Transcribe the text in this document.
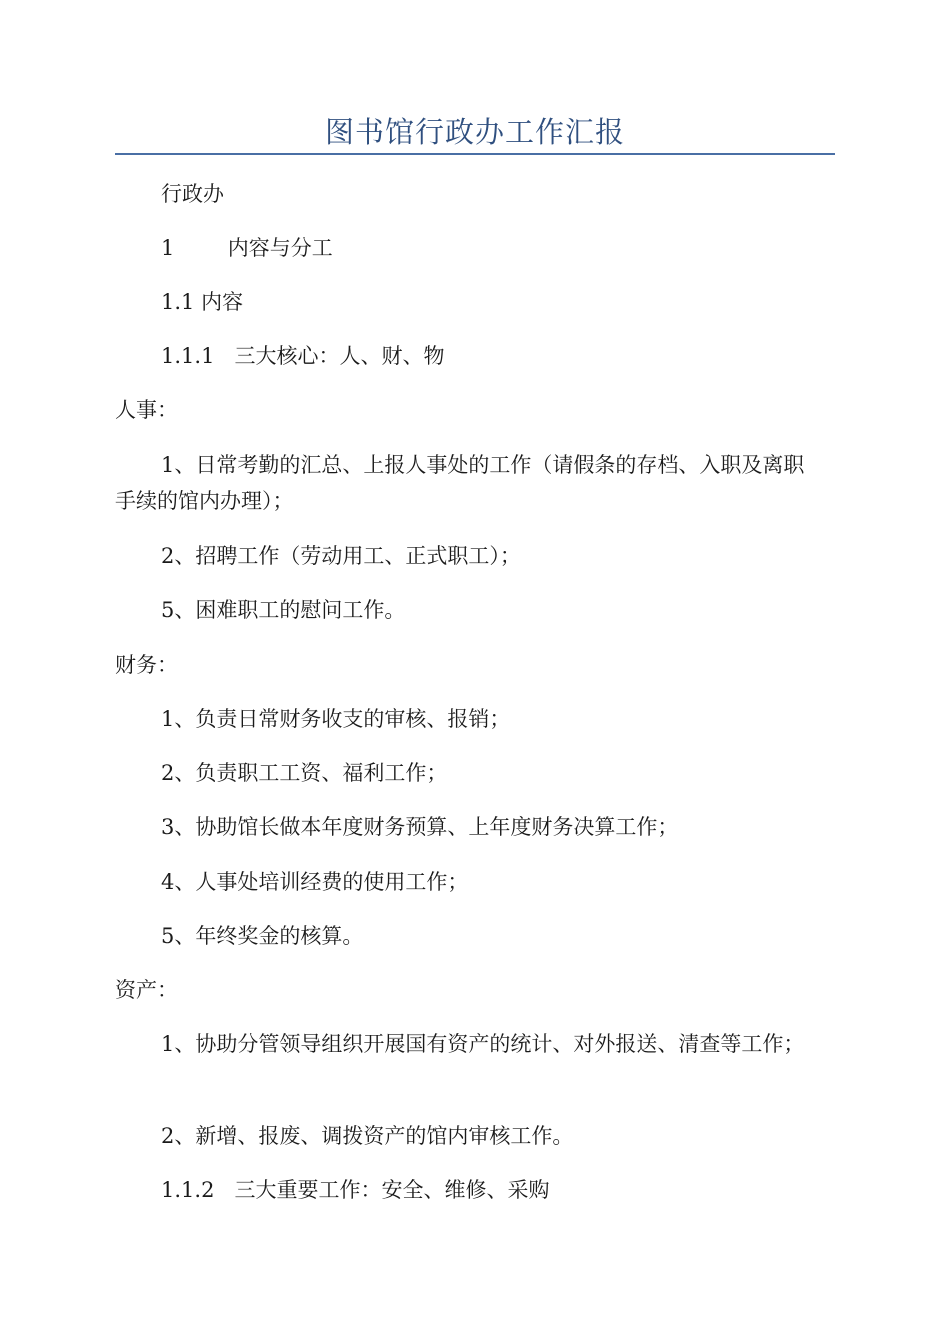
图书馆行政办工作汇报
行政办
1        内容与分工
1.1 内容
1.1.1   三大核心：人、财、物
人事：
1、日常考勤的汇总、上报人事处的工作（请假条的存档、入职及离职手续的馆内办理）；
2、招聘工作（劳动用工、正式职工）；
5、困难职工的慰问工作。
财务：
1、负责日常财务收支的审核、报销；
2、负责职工工资、福利工作；
3、协助馆长做本年度财务预算、上年度财务决算工作；
4、人事处培训经费的使用工作；
5、年终奖金的核算。
资产：
1、协助分管领导组织开展国有资产的统计、对外报送、清查等工作；
2、新增、报废、调拨资产的馆内审核工作。
1.1.2   三大重要工作：安全、维修、采购
